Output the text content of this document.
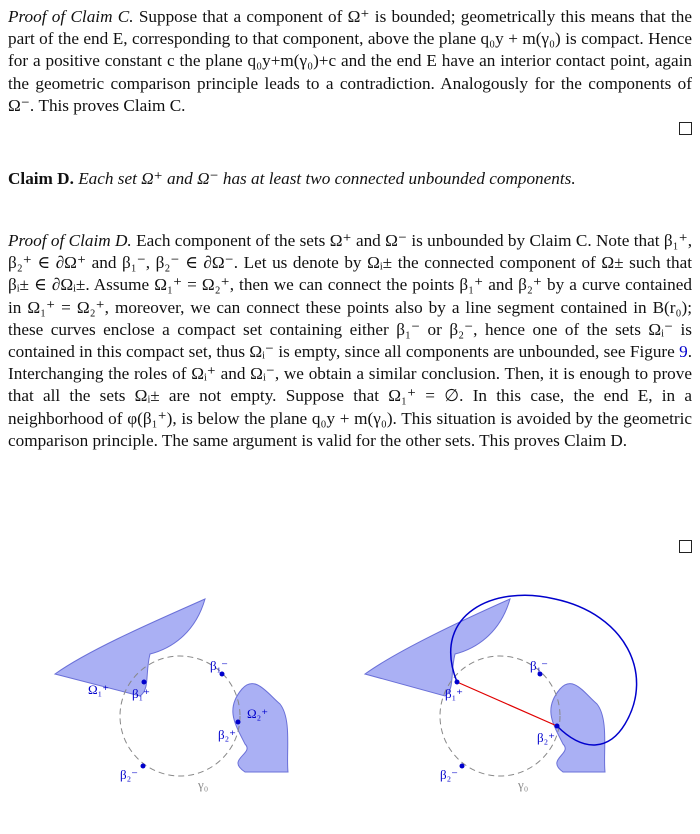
Proof of Claim C. Suppose that a component of Ω⁺ is bounded; geometrically this means that the part of the end E, corresponding to that component, above the plane q₀y + m(γ₀) is compact. Hence for a positive constant c the plane q₀y+m(γ₀)+c and the end E have an interior contact point, again the geometric comparison principle leads to a contradiction. Analogously for the components of Ω⁻. This proves Claim C.

Claim D. Each set Ω⁺ and Ω⁻ has at least two connected unbounded components.

Proof of Claim D. Each component of the sets Ω⁺ and Ω⁻ is unbounded by Claim C. Note that β₁⁺, β₂⁺ ∈ ∂Ω⁺ and β₁⁻, β₂⁻ ∈ ∂Ω⁻. Let us denote by Ωᵢ± the connected component of Ω± such that βᵢ± ∈ ∂Ωᵢ±. Assume Ω₁⁺ = Ω₂⁺, then we can connect the points β₁⁺ and β₂⁺ by a curve contained in Ω₁⁺ = Ω₂⁺, moreover, we can connect these points also by a line segment contained in B(r₀); these curves enclose a compact set containing either β₁⁻ or β₂⁻, hence one of the sets Ωᵢ⁻ is contained in this compact set, thus Ωᵢ⁻ is empty, since all components are unbounded, see Figure 9. Interchanging the roles of Ωᵢ⁺ and Ωᵢ⁻, we obtain a similar conclusion. Then, it is enough to prove that all the sets Ωᵢ± are not empty. Suppose that Ω₁⁺ = ∅. In this case, the end E, in a neighborhood of φ(β₁⁺), is below the plane q₀y + m(γ₀). This situation is avoided by the geometric comparison principle. The same argument is valid for the other sets. This proves Claim D.

Ω₁⁺ β₁⁺
β₁⁻
Ω₂⁺
β₂⁺
β₂⁻
γ₀
β₁⁺
β₁⁻
β₂⁺
β₂⁻
γ₀
